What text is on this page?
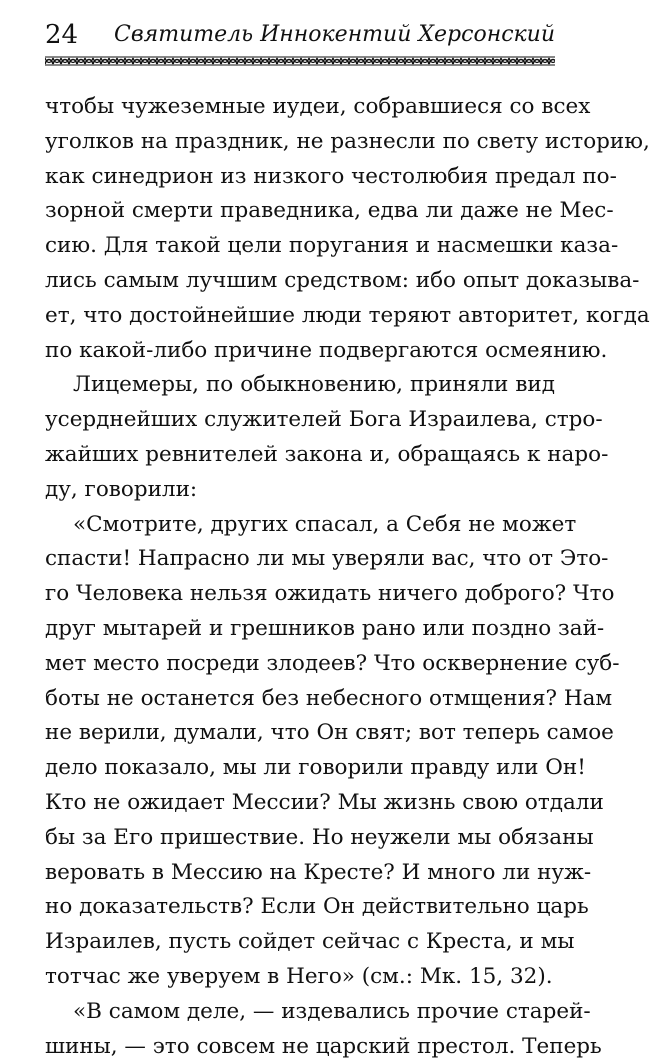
24 Святитель Иннокентий Херсонский
чтобы чужеземные иудеи, собравшиеся со всех
уголков на праздник, не разнесли по свету историю,
как синедрион из низкого честолюбия предал по-
зорной смерти праведника, едва ли даже не Мес-
сию. Для такой цели поругания и насмешки каза-
лись самым лучшим средством: ибо опыт доказыва-
ет, что достойнейшие люди теряют авторитет, когда
по какой-либо причине подвергаются осмеянию.
Лицемеры, по обыкновению, приняли вид
усерднейших служителей Бога Израилева, стро-
жайших ревнителей закона и, обращаясь к наро-
ду, говорили:
«Смотрите, других спасал, а Себя не может
спасти! Напрасно ли мы уверяли вас, что от Это-
го Человека нельзя ожидать ничего доброго? Что
друг мытарей и грешников рано или поздно зай-
мет место посреди злодеев? Что осквернение суб-
боты не останется без небесного отмщения? Нам
не верили, думали, что Он свят; вот теперь самое
дело показало, мы ли говорили правду или Он!
Кто не ожидает Мессии? Мы жизнь свою отдали
бы за Его пришествие. Но неужели мы обязаны
веровать в Мессию на Кресте? И много ли нуж-
но доказательств? Если Он действительно царь
Израилев, пусть сойдет сейчас с Креста, и мы
тотчас же уверуем в Него» (см.: Мк. 15, 32).
«В самом деле, — издевались прочие старей-
шины, — это совсем не царский престол. Теперь
